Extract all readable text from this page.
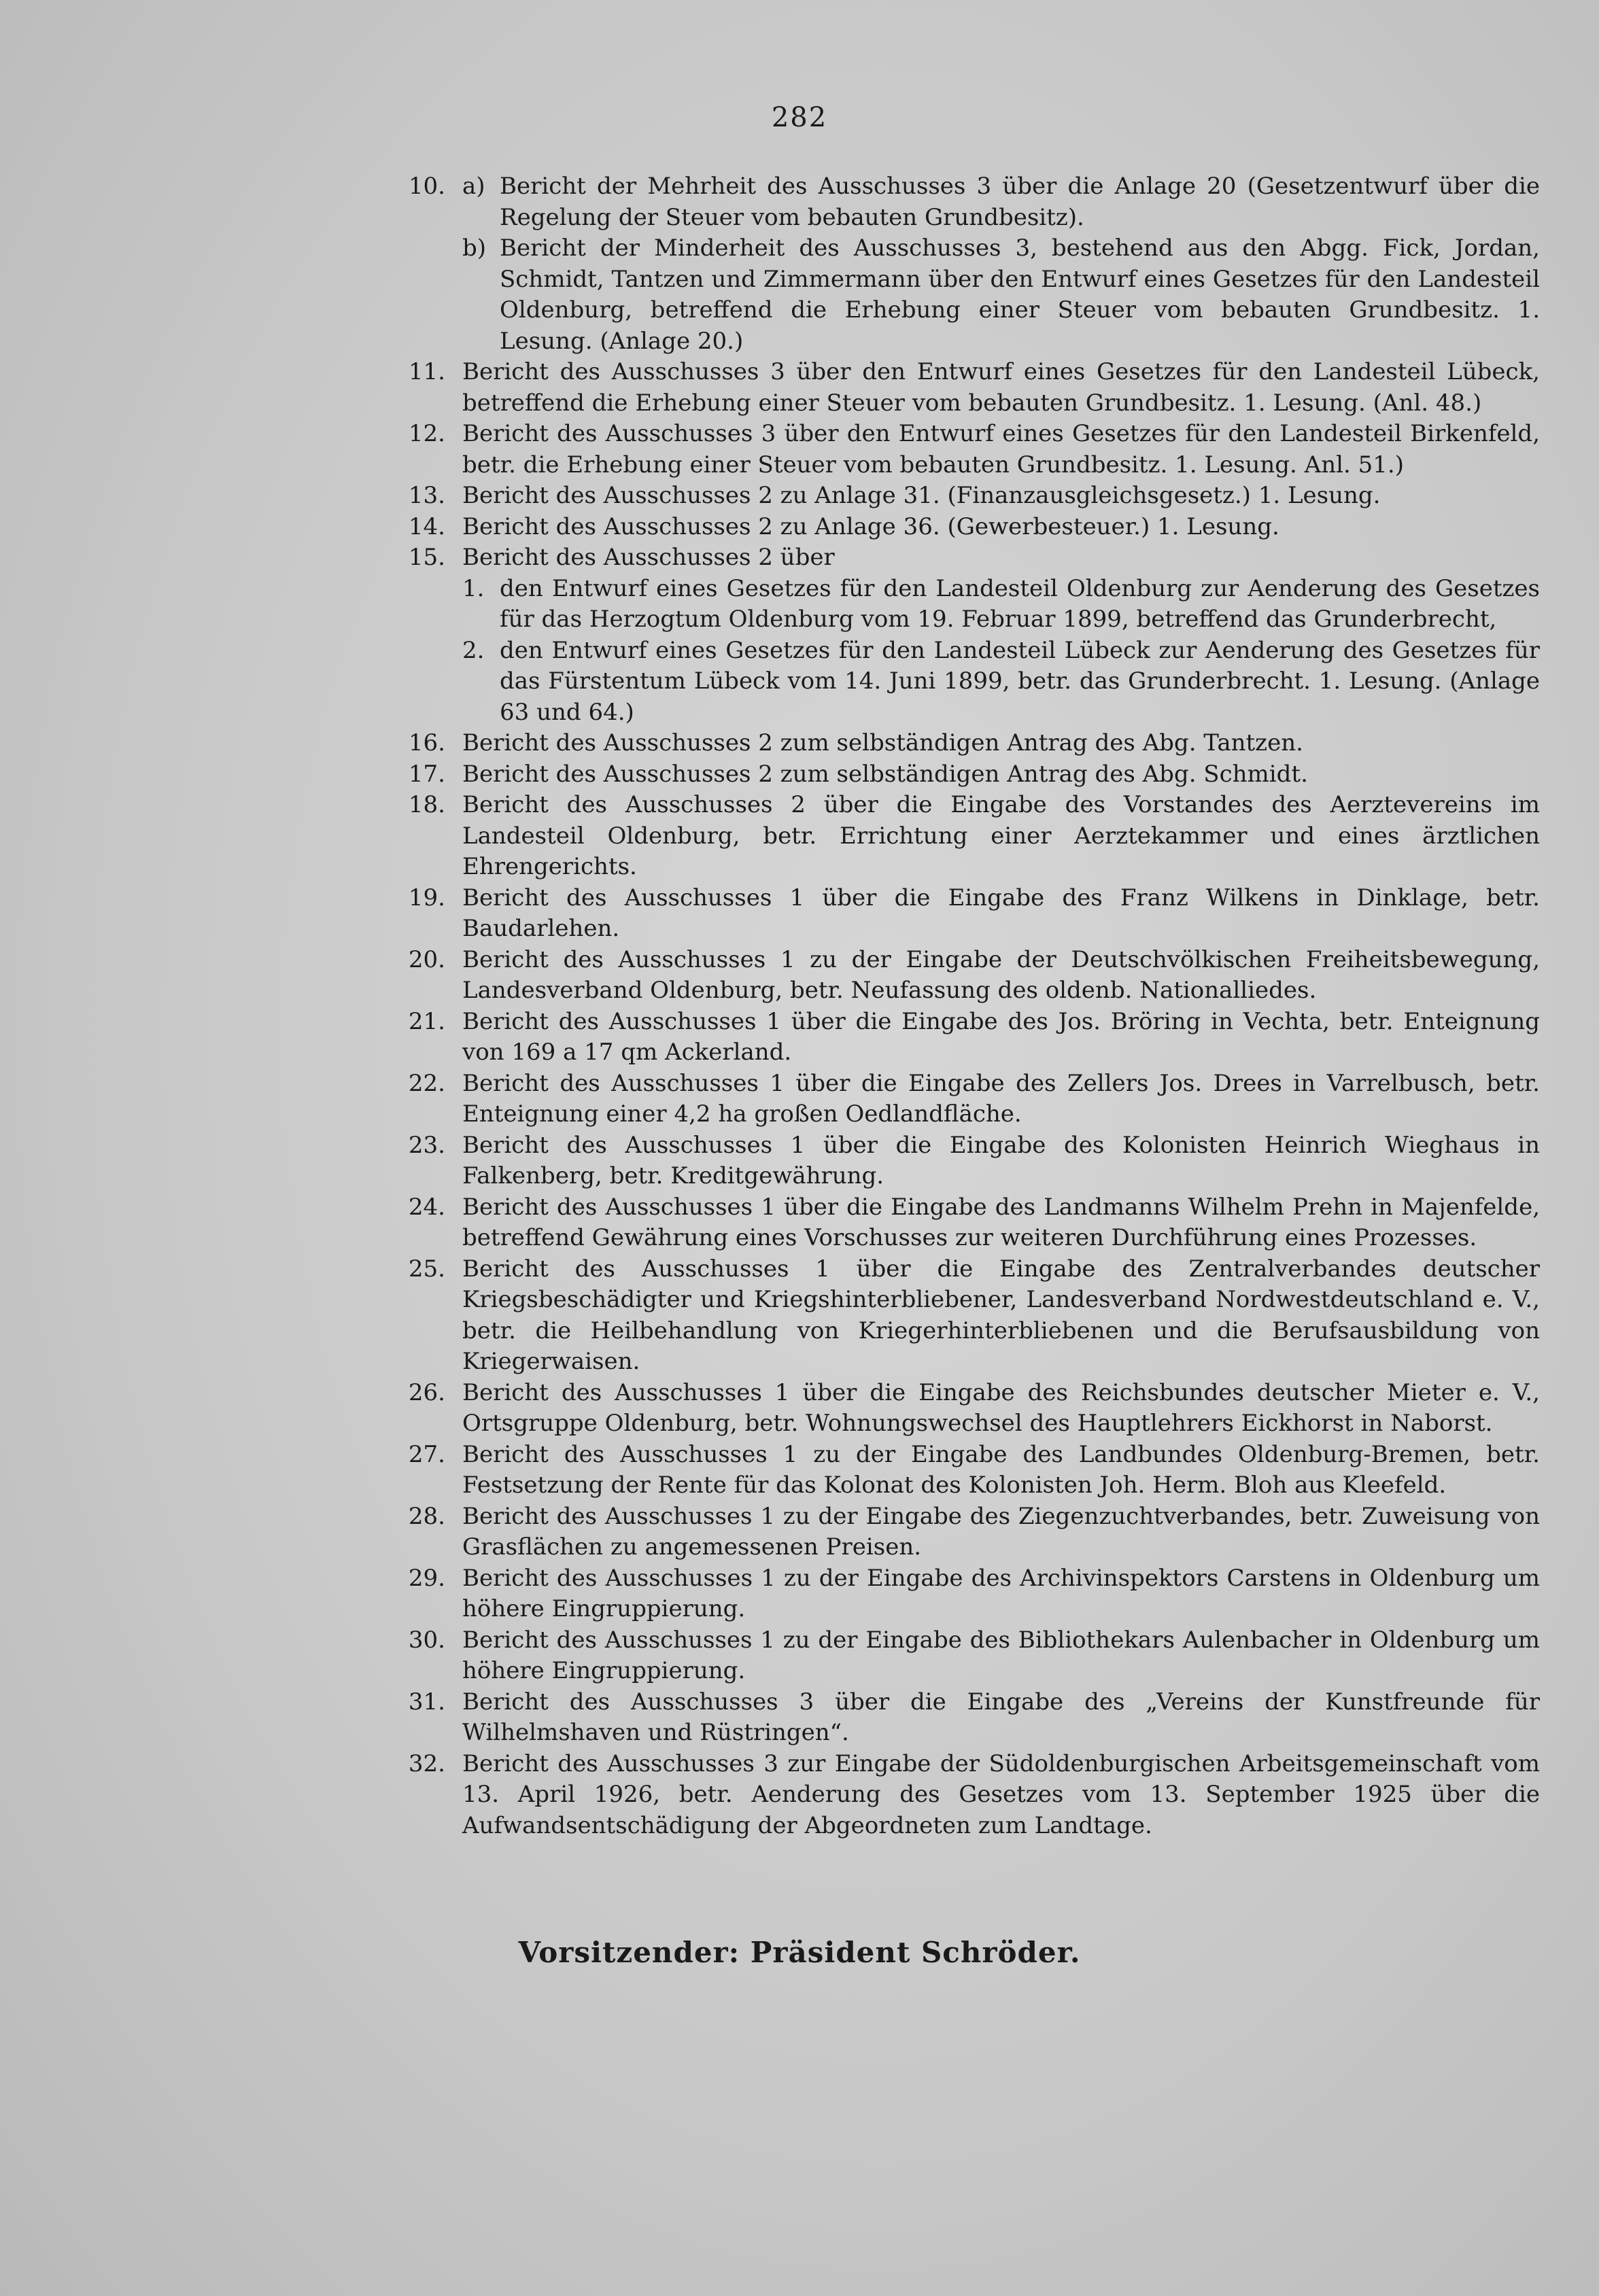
282
10. a) Bericht der Mehrheit des Ausschusses 3 über die Anlage 20 (Gesetzentwurf über die Regelung der Steuer vom bebauten Grundbesitz).
b) Bericht der Minderheit des Ausschusses 3, bestehend aus den Abgg. Fick, Jordan, Schmidt, Tantzen und Zimmermann über den Entwurf eines Gesetzes für den Landesteil Oldenburg, betreffend die Erhebung einer Steuer vom bebauten Grundbesitz. 1. Lesung. (Anlage 20.)
11. Bericht des Ausschusses 3 über den Entwurf eines Gesetzes für den Landesteil Lübeck, betreffend die Erhebung einer Steuer vom bebauten Grundbesitz. 1. Lesung. (Anl. 48.)
12. Bericht des Ausschusses 3 über den Entwurf eines Gesetzes für den Landesteil Birkenfeld, betr. die Erhebung einer Steuer vom bebauten Grundbesitz. 1. Lesung. Anl. 51.)
13. Bericht des Ausschusses 2 zu Anlage 31. (Finanzausgleichsgesetz.) 1. Lesung.
14. Bericht des Ausschusses 2 zu Anlage 36. (Gewerbesteuer.) 1. Lesung.
15. Bericht des Ausschusses 2 über
1. den Entwurf eines Gesetzes für den Landesteil Oldenburg zur Aenderung des Gesetzes für das Herzogtum Oldenburg vom 19. Februar 1899, betreffend das Grunderbrecht,
2. den Entwurf eines Gesetzes für den Landesteil Lübeck zur Aenderung des Gesetzes für das Fürstentum Lübeck vom 14. Juni 1899, betr. das Grunderbrecht. 1. Lesung. (Anlage 63 und 64.)
16. Bericht des Ausschusses 2 zum selbständigen Antrag des Abg. Tantzen.
17. Bericht des Ausschusses 2 zum selbständigen Antrag des Abg. Schmidt.
18. Bericht des Ausschusses 2 über die Eingabe des Vorstandes des Aerztevereins im Landesteil Oldenburg, betr. Errichtung einer Aerztekammer und eines ärztlichen Ehrengerichts.
19. Bericht des Ausschusses 1 über die Eingabe des Franz Wilkens in Dinklage, betr. Baudarlehen.
20. Bericht des Ausschusses 1 zu der Eingabe der Deutschvölkischen Freiheitsbewegung, Landesverband Oldenburg, betr. Neufassung des oldenb. Nationalliedes.
21. Bericht des Ausschusses 1 über die Eingabe des Jos. Bröring in Vechta, betr. Enteignung von 169 a 17 qm Ackerland.
22. Bericht des Ausschusses 1 über die Eingabe des Zellers Jos. Drees in Varrelbusch, betr. Enteignung einer 4,2 ha großen Oedlandfläche.
23. Bericht des Ausschusses 1 über die Eingabe des Kolonisten Heinrich Wieghaus in Falkenberg, betr. Kreditgewährung.
24. Bericht des Ausschusses 1 über die Eingabe des Landmanns Wilhelm Prehn in Majenfelde, betreffend Gewährung eines Vorschusses zur weiteren Durchführung eines Prozesses.
25. Bericht des Ausschusses 1 über die Eingabe des Zentralverbandes deutscher Kriegsbeschädigter und Kriegshinterbliebener, Landesverband Nordwestdeutschland e. V., betr. die Heilbehandlung von Kriegerhinterbliebenen und die Berufsausbildung von Kriegerwaisen.
26. Bericht des Ausschusses 1 über die Eingabe des Reichsbundes deutscher Mieter e. V., Ortsgruppe Oldenburg, betr. Wohnungswechsel des Hauptlehrers Eickhorst in Naborst.
27. Bericht des Ausschusses 1 zu der Eingabe des Landbundes Oldenburg-Bremen, betr. Festsetzung der Rente für das Kolonat des Kolonisten Joh. Herm. Bloh aus Kleefeld.
28. Bericht des Ausschusses 1 zu der Eingabe des Ziegenzuchtverbandes, betr. Zuweisung von Grasflächen zu angemessenen Preisen.
29. Bericht des Ausschusses 1 zu der Eingabe des Archivinspektors Carstens in Oldenburg um höhere Eingruppierung.
30. Bericht des Ausschusses 1 zu der Eingabe des Bibliothekars Aulenbacher in Oldenburg um höhere Eingruppierung.
31. Bericht des Ausschusses 3 über die Eingabe des „Vereins der Kunstfreunde für Wilhelmshaven und Rüstringen“.
32. Bericht des Ausschusses 3 zur Eingabe der Südoldenburgischen Arbeitsgemeinschaft vom 13. April 1926, betr. Aenderung des Gesetzes vom 13. September 1925 über die Aufwandsentschädigung der Abgeordneten zum Landtage.
Vorsitzender: Präsident Schröder.
